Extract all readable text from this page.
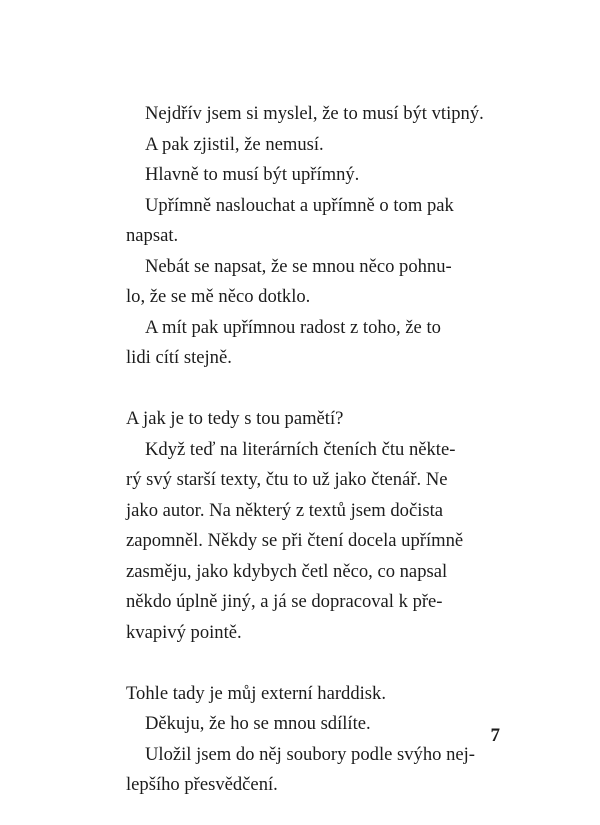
Nejdřív jsem si myslel, že to musí být vtipný.

A pak zjistil, že nemusí.

Hlavně to musí být upřímný.

Upřímně naslouchat a upřímně o tom pak
napsat.

Nebát se napsat, že se mnou něco pohnu-
lo, že se mě něco dotklo.

A mít pak upřímnou radost z toho, že to
lidi cítí stejně.

A jak je to tedy s tou pamětí?

Když teď na literárních čteních čtu někte-
rý svý starší texty, čtu to už jako čtenář. Ne
jako autor. Na některý z textů jsem dočista
zapomněl. Někdy se při čtení docela upřímně
zasměju, jako kdybych četl něco, co napsal
někdo úplně jiný, a já se dopracoval k pře-
kvapivý pointě.

Tohle tady je můj externí harddisk.

Děkuju, že ho se mnou sdílíte.

Uložil jsem do něj soubory podle svýho nej-
lepšího přesvědčení.

7
